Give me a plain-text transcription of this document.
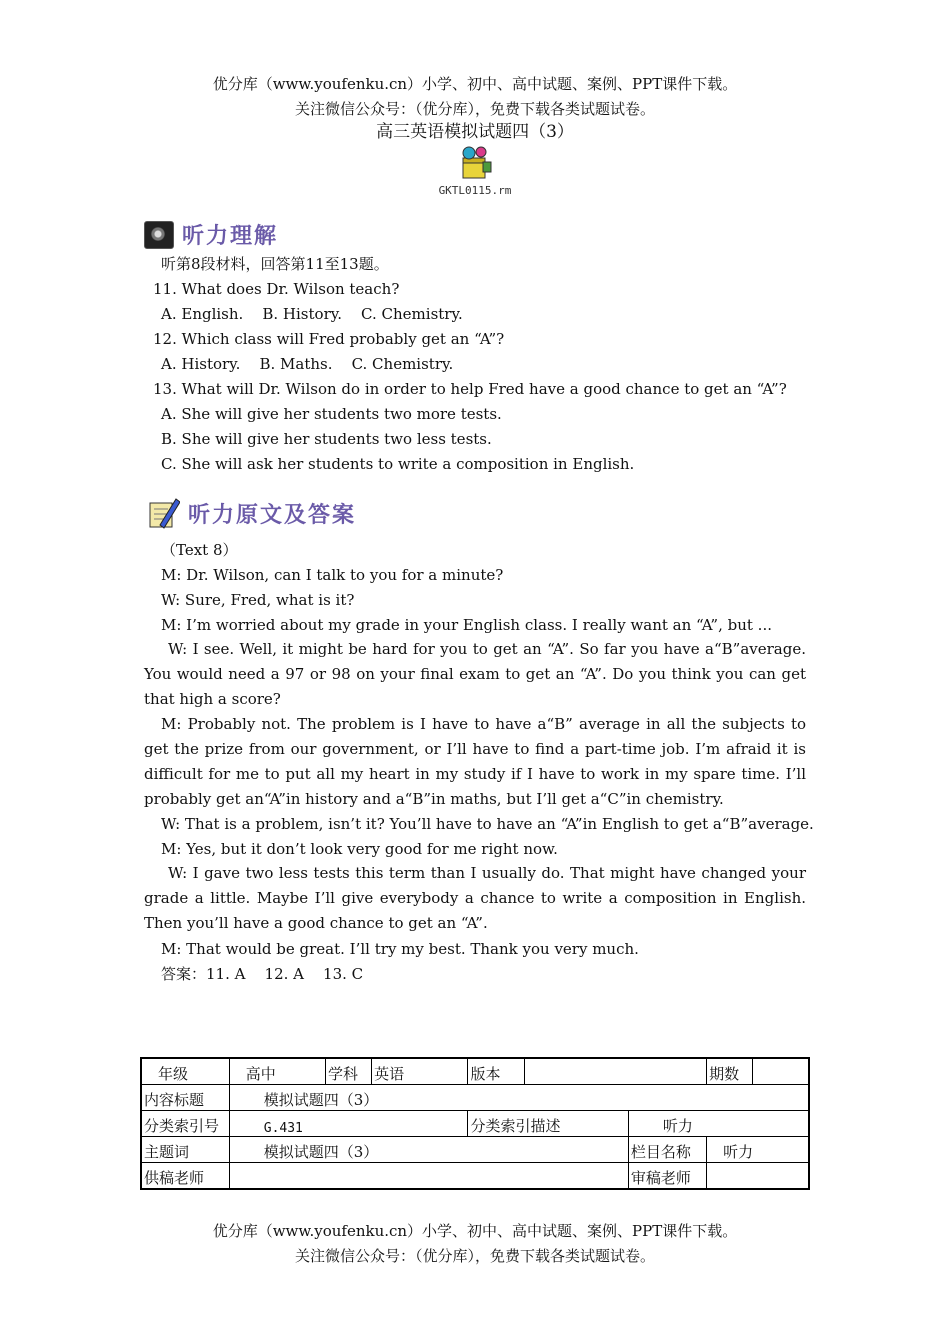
优分库（www.youfenku.cn）小学、初中、高中试题、案例、PPT课件下载。
关注微信公众号：（优分库），免费下载各类试题试卷。
高三英语模拟试题四（3）
GKTL0115.rm
听力理解
听第8段材料，回答第11至13题。
11. What does Dr. Wilson teach?
A. English.    B. History.    C. Chemistry.
12. Which class will Fred probably get an “A”?
A. History.    B. Maths.    C. Chemistry.
13. What will Dr. Wilson do in order to help Fred have a good chance to get an “A”?
A. She will give her students two more tests.
B. She will give her students two less tests.
C. She will ask her students to write a composition in English.
听力原文及答案
（Text 8）
M: Dr. Wilson, can I talk to you for a minute?
W: Sure, Fred, what is it?
M: I’m worried about my grade in your English class. I really want an “A”, but ...
W: I see. Well, it might be hard for you to get an “A”. So far you have a“B”average. You would need a 97 or 98 on your final exam to get an “A”. Do you think you can get that high a score?
M: Probably not. The problem is I have to have a“B” average in all the subjects to get the prize from our government, or I’ll have to find a part-time job. I’m afraid it is difficult for me to put all my heart in my study if I have to work in my spare time. I’ll probably get an“A”in history and a“B”in maths, but I’ll get a“C”in chemistry.
W: That is a problem, isn’t it? You’ll have to have an “A”in English to get a“B”average.
M: Yes, but it don’t look very good for me right now.
W: I gave two less tests this term than I usually do. That might have changed your grade a little. Maybe I’ll give everybody a chance to write a composition in English. Then you’ll have a good chance to get an “A”.
M: That would be great. I’ll try my best. Thank you very much.
答案：11. A    12. A    13. C
年级	高中	学科	英语	版本			期数	
内容标题	模拟试题四（3）							
分类索引号	G.431			分类索引描述		听力		
主题词	模拟试题四（3）					栏目名称	听力	
供稿老师						审稿老师		
优分库（www.youfenku.cn）小学、初中、高中试题、案例、PPT课件下载。
关注微信公众号：（优分库），免费下载各类试题试卷。
